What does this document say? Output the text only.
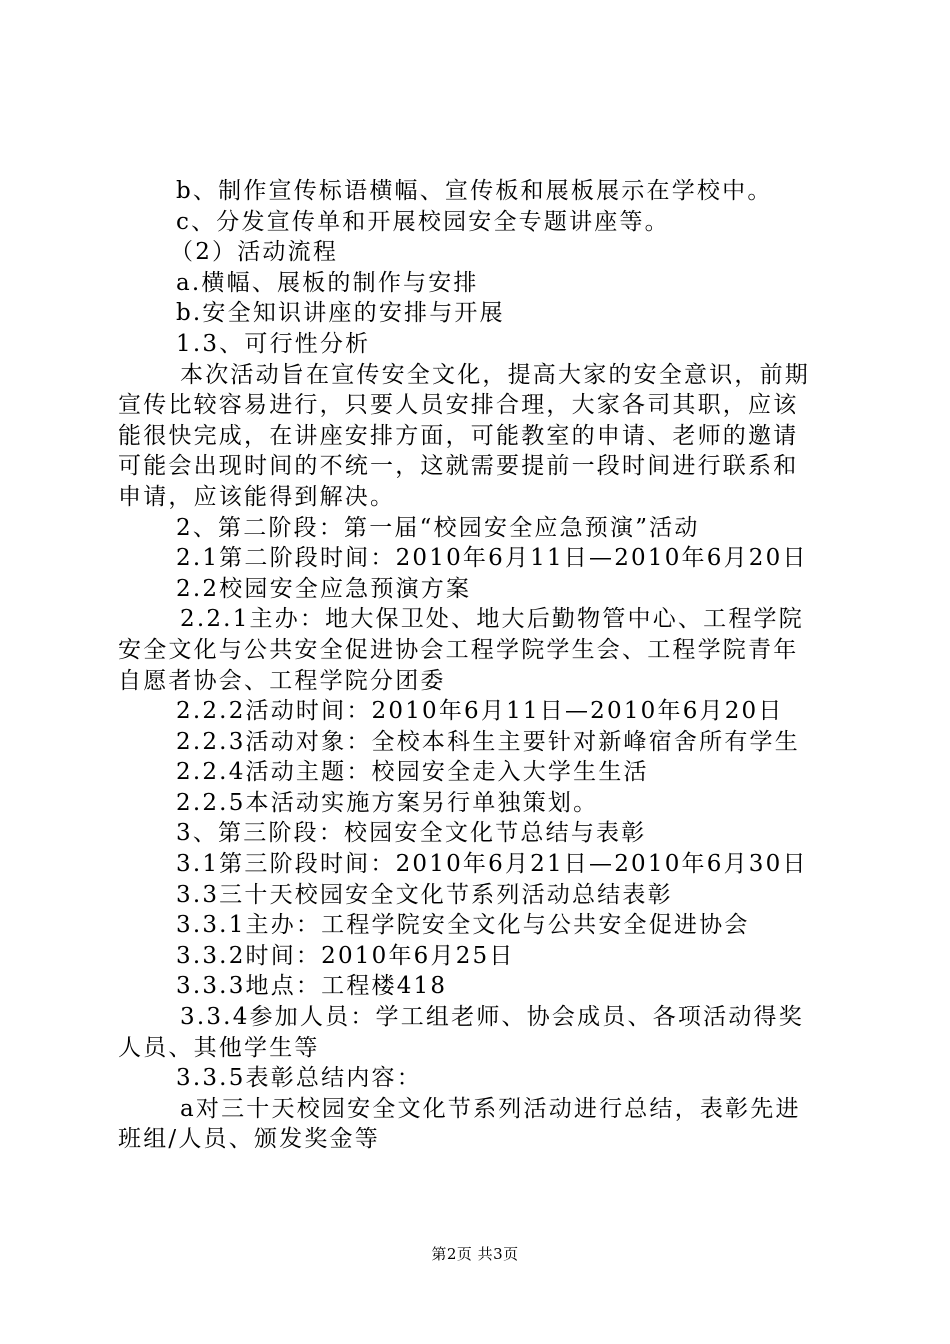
b、制作宣传标语横幅、宣传板和展板展示在学校中。
c、分发宣传单和开展校园安全专题讲座等。
（2）活动流程
a.横幅、展板的制作与安排
b.安全知识讲座的安排与开展
1.3、可行性分析
本次活动旨在宣传安全文化，提高大家的安全意识，前期
宣传比较容易进行，只要人员安排合理，大家各司其职，应该
能很快完成，在讲座安排方面，可能教室的申请、老师的邀请
可能会出现时间的不统一，这就需要提前一段时间进行联系和
申请，应该能得到解决。
2、第二阶段：第一届“校园安全应急预演”活动
2.1第二阶段时间：2010年6月11日—2010年6月20日
2.2校园安全应急预演方案
2.2.1主办：地大保卫处、地大后勤物管中心、工程学院
安全文化与公共安全促进协会工程学院学生会、工程学院青年
自愿者协会、工程学院分团委
2.2.2活动时间：2010年6月11日—2010年6月20日
2.2.3活动对象：全校本科生主要针对新峰宿舍所有学生
2.2.4活动主题：校园安全走入大学生生活
2.2.5本活动实施方案另行单独策划。
3、第三阶段：校园安全文化节总结与表彰
3.1第三阶段时间：2010年6月21日—2010年6月30日
3.3三十天校园安全文化节系列活动总结表彰
3.3.1主办：工程学院安全文化与公共安全促进协会
3.3.2时间：2010年6月25日
3.3.3地点：工程楼418
3.3.4参加人员：学工组老师、协会成员、各项活动得奖
人员、其他学生等
3.3.5表彰总结内容：
a对三十天校园安全文化节系列活动进行总结，表彰先进
班组/人员、颁发奖金等
第2页 共3页
